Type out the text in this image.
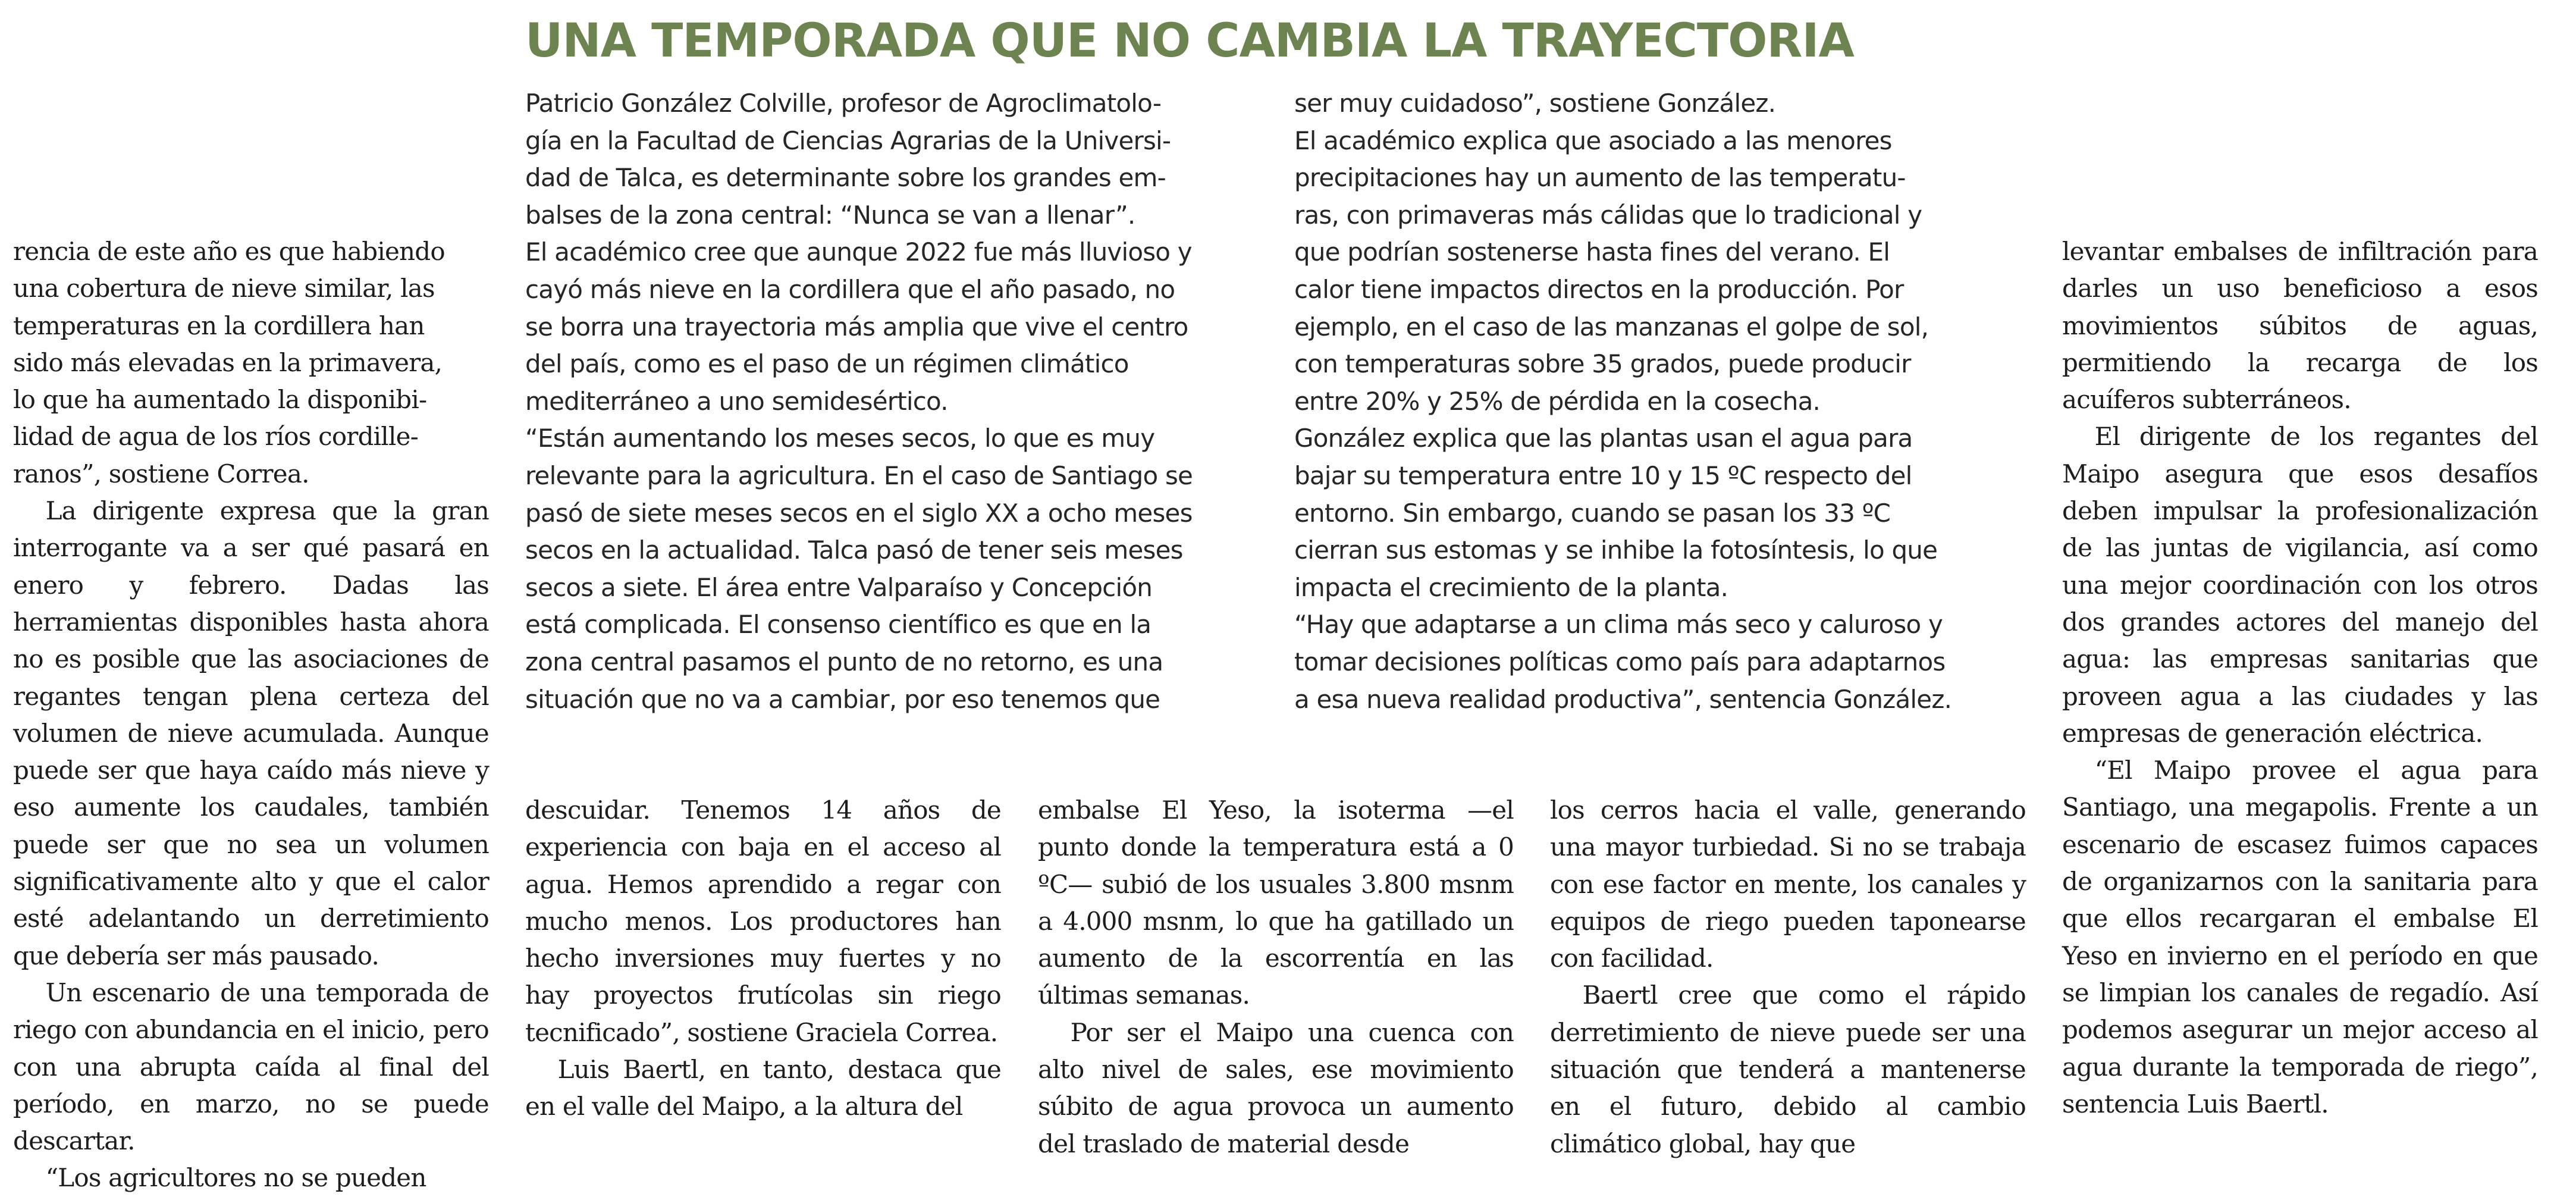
UNA TEMPORADA QUE NO CAMBIA LA TRAYECTORIA
rencia de este año es que habiendo
una cobertura de nieve similar, las
temperaturas en la cordillera han
sido más elevadas en la primavera,
lo que ha aumentado la disponibi-
lidad de agua de los ríos cordille-
ranos”, sostiene Correa.

La dirigente expresa que la gran interrogante va a ser qué pasará en enero y febrero. Dadas las herramientas disponibles hasta ahora no es posible que las asociaciones de regantes tengan plena certeza del volumen de nieve acumulada. Aunque puede ser que haya caído más nieve y eso aumente los caudales, también puede ser que no sea un volumen significativamente alto y que el calor esté adelantando un derretimiento que debería ser más pausado.

Un escenario de una temporada de riego con abundancia en el inicio, pero con una abrupta caída al final del período, en marzo, no se puede descartar.

“Los agricultores no se pueden

Patricio González Colville, profesor de Agroclimatolo-
gía en la Facultad de Ciencias Agrarias de la Universi-
dad de Talca, es determinante sobre los grandes em-
balses de la zona central: “Nunca se van a llenar”.
El académico cree que aunque 2022 fue más lluvioso y
cayó más nieve en la cordillera que el año pasado, no
se borra una trayectoria más amplia que vive el centro
del país, como es el paso de un régimen climático
mediterráneo a uno semidesértico.
“Están aumentando los meses secos, lo que es muy
relevante para la agricultura. En el caso de Santiago se
pasó de siete meses secos en el siglo XX a ocho meses
secos en la actualidad. Talca pasó de tener seis meses
secos a siete. El área entre Valparaíso y Concepción
está complicada. El consenso científico es que en la
zona central pasamos el punto de no retorno, es una
situación que no va a cambiar, por eso tenemos que
ser muy cuidadoso”, sostiene González.
El académico explica que asociado a las menores
precipitaciones hay un aumento de las temperatu-
ras, con primaveras más cálidas que lo tradicional y
que podrían sostenerse hasta fines del verano. El
calor tiene impactos directos en la producción. Por
ejemplo, en el caso de las manzanas el golpe de sol,
con temperaturas sobre 35 grados, puede producir
entre 20% y 25% de pérdida en la cosecha.
González explica que las plantas usan el agua para
bajar su temperatura entre 10 y 15 ºC respecto del
entorno. Sin embargo, cuando se pasan los 33 ºC
cierran sus estomas y se inhibe la fotosíntesis, lo que
impacta el crecimiento de la planta.
“Hay que adaptarse a un clima más seco y caluroso y
tomar decisiones políticas como país para adaptarnos
a esa nueva realidad productiva”, sentencia González.

descuidar. Tenemos 14 años de experiencia con baja en el acceso al agua. Hemos aprendido a regar con mucho menos. Los productores han hecho inversiones muy fuertes y no hay proyectos frutícolas sin riego tecnificado”, sostiene Graciela Correa.

Luis Baertl, en tanto, destaca que en el valle del Maipo, a la altura del

embalse El Yeso, la isoterma —el punto donde la temperatura está a 0 ºC— subió de los usuales 3.800 msnm a 4.000 msnm, lo que ha gatillado un aumento de la escorrentía en las últimas semanas.

Por ser el Maipo una cuenca con alto nivel de sales, ese movimiento súbito de agua provoca un aumento del traslado de material desde

los cerros hacia el valle, generando una mayor turbiedad. Si no se trabaja con ese factor en mente, los canales y equipos de riego pueden taponearse con facilidad.

Baertl cree que como el rápido derretimiento de nieve puede ser una situación que tenderá a mantenerse en el futuro, debido al cambio climático global, hay que

levantar embalses de infiltración para darles un uso beneficioso a esos movimientos súbitos de aguas, permitiendo la recarga de los acuíferos subterráneos.

El dirigente de los regantes del Maipo asegura que esos desafíos deben impulsar la profesionalización de las juntas de vigilancia, así como una mejor coordinación con los otros dos grandes actores del manejo del agua: las empresas sanitarias que proveen agua a las ciudades y las empresas de generación eléctrica.

“El Maipo provee el agua para Santiago, una megapolis. Frente a un escenario de escasez fuimos capaces de organizarnos con la sanitaria para que ellos recargaran el embalse El Yeso en invierno en el período en que se limpian los canales de regadío. Así podemos asegurar un mejor acceso al agua durante la temporada de riego”, sentencia Luis Baertl.
